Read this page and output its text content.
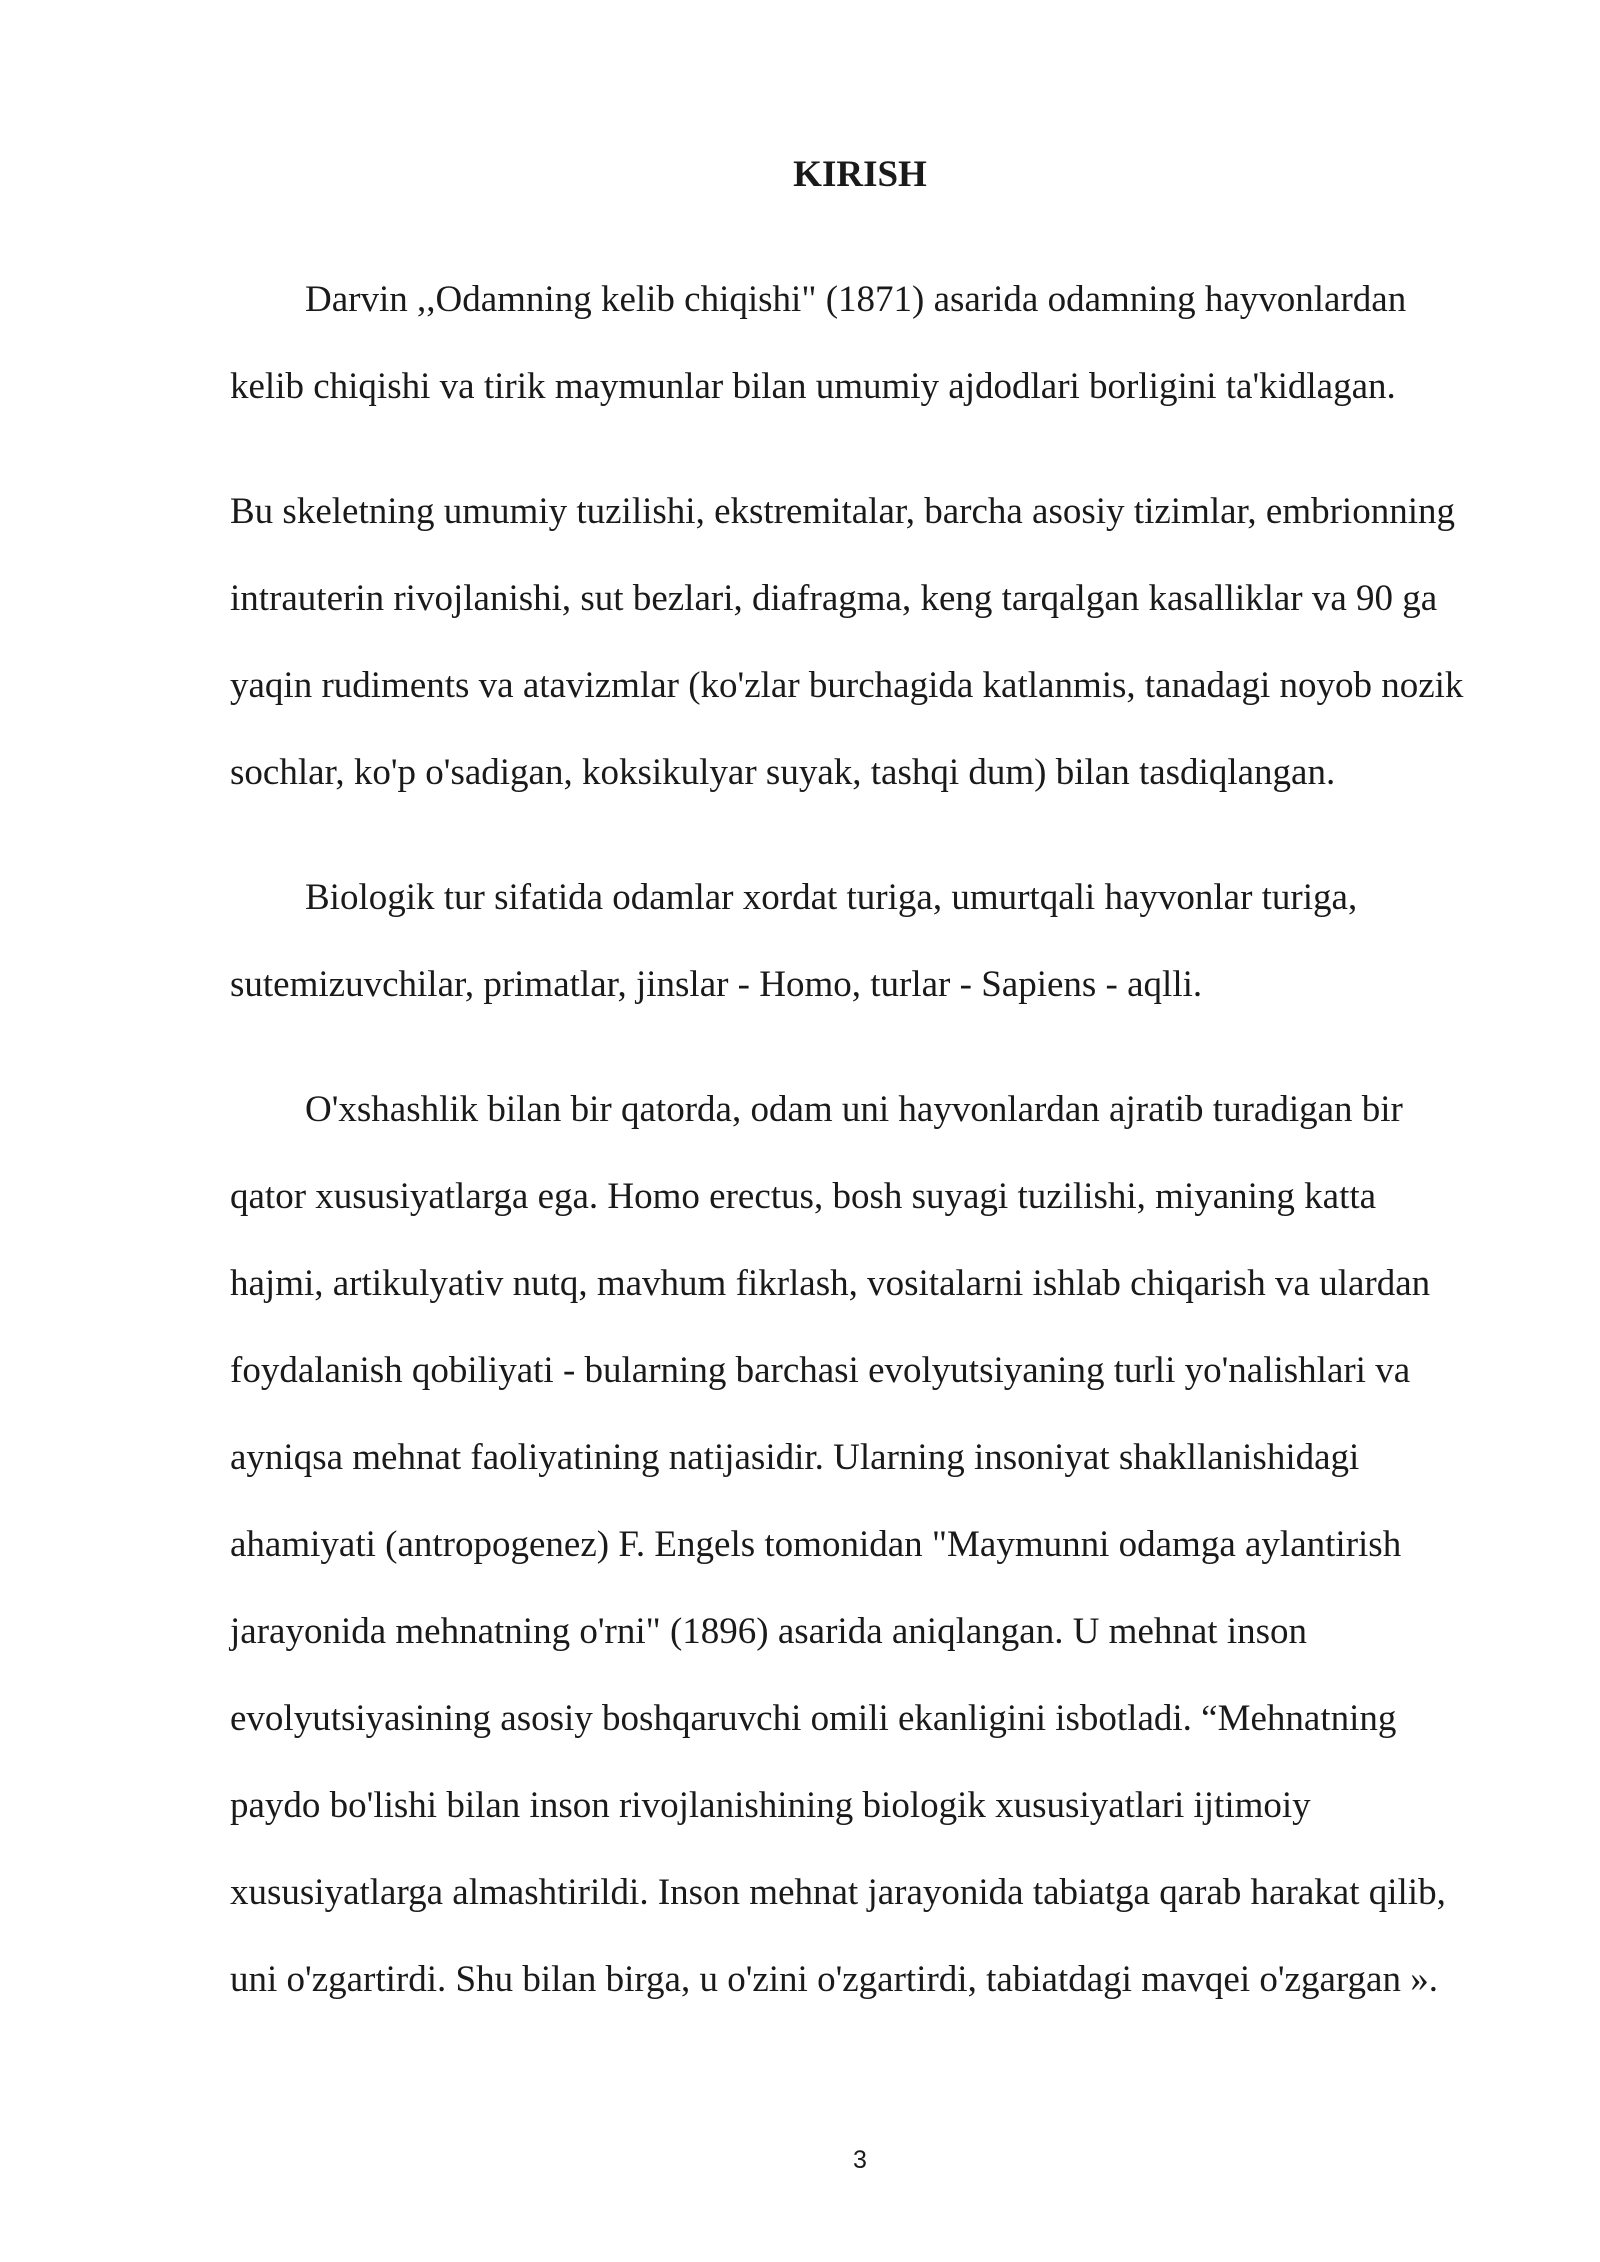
KIRISH

Darvin ,,Odamning kelib chiqishi" (1871) asarida odamning hayvonlardan

kelib chiqishi va tirik maymunlar bilan umumiy ajdodlari borligini ta'kidlagan.

Bu skeletning umumiy tuzilishi, ekstremitalar, barcha asosiy tizimlar, embrionning

intrauterin rivojlanishi, sut bezlari, diafragma, keng tarqalgan kasalliklar va 90 ga

yaqin rudiments va atavizmlar (ko'zlar burchagida katlanmis, tanadagi noyob nozik

sochlar, ko'p o'sadigan, koksikulyar suyak, tashqi dum) bilan tasdiqlangan.

Biologik tur sifatida odamlar xordat turiga, umurtqali hayvonlar turiga,

sutemizuvchilar, primatlar, jinslar - Homo, turlar - Sapiens - aqlli.

O'xshashlik bilan bir qatorda, odam uni hayvonlardan ajratib turadigan bir

qator xususiyatlarga ega. Homo erectus, bosh suyagi tuzilishi, miyaning katta

hajmi, artikulyativ nutq, mavhum fikrlash, vositalarni ishlab chiqarish va ulardan

foydalanish qobiliyati - bularning barchasi evolyutsiyaning turli yo'nalishlari va

ayniqsa mehnat faoliyatining natijasidir. Ularning insoniyat shakllanishidagi

ahamiyati (antropogenez) F. Engels tomonidan "Maymunni odamga aylantirish

jarayonida mehnatning o'rni" (1896) asarida aniqlangan. U mehnat inson

evolyutsiyasining asosiy boshqaruvchi omili ekanligini isbotladi. “Mehnatning

paydo bo'lishi bilan inson rivojlanishining biologik xususiyatlari ijtimoiy

xususiyatlarga almashtirildi. Inson mehnat jarayonida tabiatga qarab harakat qilib,

uni o'zgartirdi. Shu bilan birga, u o'zini o'zgartirdi, tabiatdagi mavqei o'zgargan ».

3
